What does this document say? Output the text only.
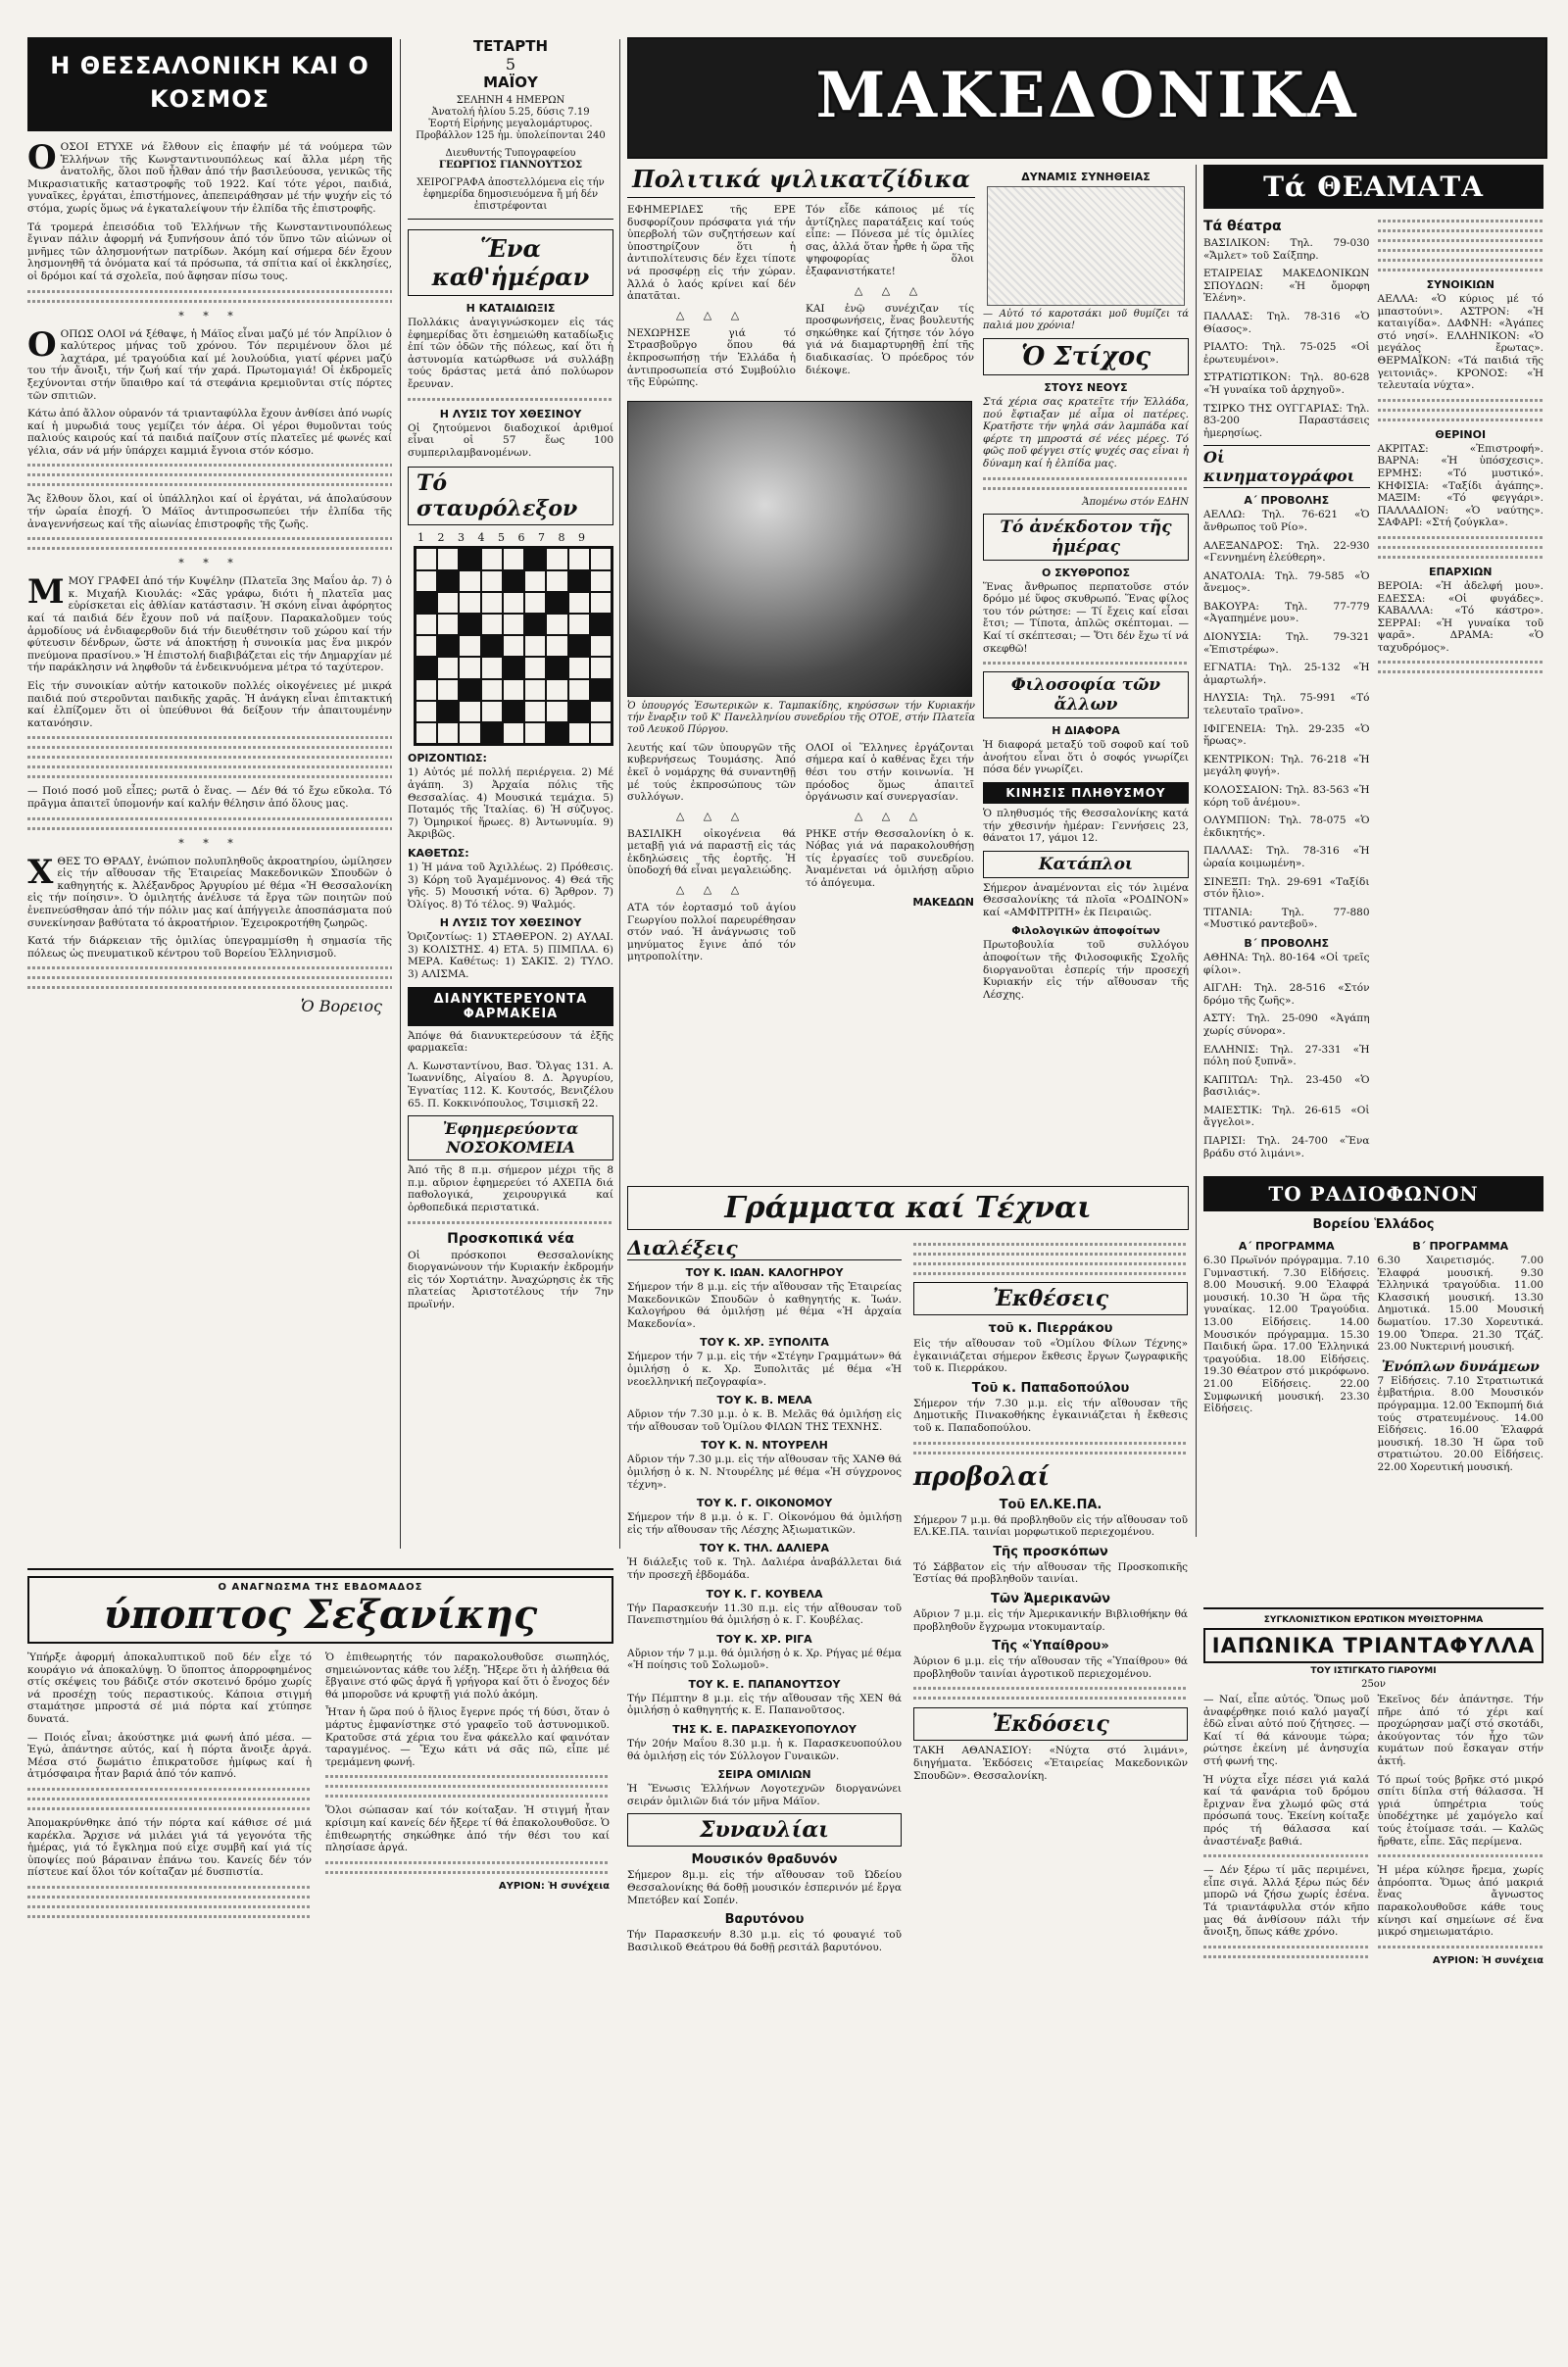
Η ΘΕΣΣΑΛΟΝΙΚΗ ΚΑΙ Ο ΚΟΣΜΟΣ

OΟΣΟΙ ΕΤΥΧΕ νά ἔλθουν εἰς ἐπαφήν μέ τά νούμερα τῶν Ἑλλήνων τῆς Κωνσταντινουπόλεως καί ἄλλα μέρη τῆς ἀνατολῆς, ὅλοι ποῦ ἦλθαν ἀπό τήν βασιλεύουσα, γενικῶς τῆς Μικρασιατικῆς καταστροφῆς τοῦ 1922. Καί τότε γέροι, παιδιά, γυναῖκες, ἐργάται, ἐπιστήμονες, ἀπεπειράθησαν μέ τήν ψυχήν εἰς τό στόμα, χωρίς ὅμως νά ἐγκαταλείψουν τήν ἐλπίδα τῆς ἐπιστροφῆς.

Τά τρομερά ἐπεισόδια τοῦ Ἑλλήνων τῆς Κωνσταντινουπόλεως ἔγιναν πάλιν ἀφορμή νά ξυπνήσουν ἀπό τόν ὕπνο τῶν αἰώνων οἱ μνῆμες τῶν ἀλησμονήτων πατρίδων. Ἀκόμη καί σήμερα δέν ἔχουν λησμονηθῆ τά ὀνόματα καί τά πρόσωπα, τά σπίτια καί οἱ ἐκκλησίες, οἱ δρόμοι καί τά σχολεῖα, πού ἄφησαν πίσω τους.

* * *

OΟΠΩΣ ΟΛΟΙ νά ξέθαψε, ἡ Μάϊος εἶναι μαζύ μέ τόν Ἀπρίλιον ὁ καλύτερος μήνας τοῦ χρόνου. Τόν περιμένουν ὅλοι μέ λαχτάρα, μέ τραγούδια καί μέ λουλούδια, γιατί φέρνει μαζύ του τήν ἄνοιξι, τήν ζωή καί τήν χαρά. Πρωτομαγιά! Οἱ ἐκδρομεῖς ξεχύνονται στήν ὕπαιθρο καί τά στεφάνια κρεμιοῦνται στίς πόρτες τῶν σπιτιῶν.

Κάτω ἀπό ἄλλον οὐρανόν τά τριανταφύλλα ἔχουν ἀνθίσει ἀπό νωρίς καί ἡ μυρωδιά τους γεμίζει τόν ἀέρα. Οἱ γέροι θυμοῦνται τούς παλιούς καιρούς καί τά παιδιά παίζουν στίς πλατεῖες μέ φωνές καί γέλια, σάν νά μήν ὑπάρχει καμμιά ἔγνοια στόν κόσμο.

Ἄς ἔλθουν ὅλοι, καί οἱ ὑπάλληλοι καί οἱ ἐργάται, νά ἀπολαύσουν τήν ὡραία ἐποχή. Ὁ Μάϊος ἀντιπροσωπεύει τήν ἐλπίδα τῆς ἀναγεννήσεως καί τῆς αἰωνίας ἐπιστροφῆς τῆς ζωῆς.

* * *

MΜΟΥ ΓΡΑΦΕΙ ἀπό τήν Κυψέλην (Πλατεῖα 3ης Μαΐου ἀρ. 7) ὁ κ. Μιχαήλ Κιουλάς: «Σᾶς γράφω, διότι ἡ πλατεῖα μας εὑρίσκεται εἰς ἀθλίαν κατάστασιν. Ἡ σκόνη εἶναι ἀφόρητος καί τά παιδιά δέν ἔχουν ποῦ νά παίξουν. Παρακαλοῦμεν τούς ἁρμοδίους νά ἐνδιαφερθοῦν διά τήν διευθέτησιν τοῦ χώρου καί τήν φύτευσιν δένδρων, ὥστε νά ἀποκτήσῃ ἡ συνοικία μας ἕνα μικρόν πνεύμονα πρασίνου.» Ἡ ἐπιστολή διαβιβάζεται εἰς τήν Δημαρχίαν μέ τήν παράκλησιν νά ληφθοῦν τά ἐνδεικνυόμενα μέτρα τό ταχύτερον.

Εἰς τήν συνοικίαν αὐτήν κατοικοῦν πολλές οἰκογένειες μέ μικρά παιδιά πού στεροῦνται παιδικῆς χαρᾶς. Ἡ ἀνάγκη εἶναι ἐπιτακτική καί ἐλπίζομεν ὅτι οἱ ὑπεύθυνοι θά δείξουν τήν ἀπαιτουμένην κατανόησιν.

— Ποιό ποσό μοῦ εἶπες; ρωτᾶ ὁ ἕνας. — Δέν θά τό ἔχω εὔκολα. Τό πρᾶγμα ἀπαιτεῖ ὑπομονήν καί καλήν θέλησιν ἀπό ὅλους μας.

* * *

XΘΕΣ ΤΟ ΘΡΑΔΥ, ἐνώπιον πολυπληθοῦς ἀκροατηρίου, ὡμίλησεν εἰς τήν αἴθουσαν τῆς Ἑταιρείας Μακεδονικῶν Σπουδῶν ὁ καθηγητής κ. Ἀλέξανδρος Ἀργυρίου μέ θέμα «Ἡ Θεσσαλονίκη εἰς τήν ποίησιν». Ὁ ὁμιλητής ἀνέλυσε τά ἔργα τῶν ποιητῶν πού ἐνεπνεύσθησαν ἀπό τήν πόλιν μας καί ἀπήγγειλε ἀποσπάσματα πού συνεκίνησαν βαθύτατα τό ἀκροατήριον. Ἐχειροκροτήθη ζωηρῶς.

Κατά τήν διάρκειαν τῆς ὁμιλίας ὑπεγραμμίσθη ἡ σημασία τῆς πόλεως ὡς πνευματικοῦ κέντρου τοῦ Βορείου Ἑλληνισμοῦ.

Ὁ Βορειος
ΤΕΤΑΡΤΗ
5
ΜΑΪΟΥ
ΣΕΛΗΝΗ 4 ΗΜΕΡΩΝ
Ἀνατολή ἡλίου 5.25, δύσις 7.19
Ἑορτή Εἰρήνης μεγαλομάρτυρος. Προβάλλον 125 ἡμ. ὑπολείπονται 240
Διευθυντής Τυπογραφείου
ΓΕΩΡΓΙΟΣ ΓΙΑΝΝΟΥΤΣΟΣ
ΧΕΙΡΟΓΡΑΦΑ ἀποστελλόμενα εἰς τήν ἐφημερίδα δημοσιευόμενα ἤ μή δέν ἐπιστρέφονται
Ἕνα καθ'ἡμέραν
Η ΚΑΤΑΙΔΙΩΞΙΣ

Πολλάκις ἀναγιγνώσκομεν εἰς τάς ἐφημερίδας ὅτι ἐσημειώθη καταδίωξις ἐπί τῶν ὁδῶν τῆς πόλεως, καί ὅτι ἡ ἀστυνομία κατώρθωσε νά συλλάβῃ τούς δράστας μετά ἀπό πολύωρον ἔρευναν.

Η ΛΥΣΙΣ ΤΟΥ ΧΘΕΣΙΝΟΥ

Οἱ ζητούμενοι διαδοχικοί ἀριθμοί εἶναι οἱ 57 ἕως 100 συμπεριλαμβανομένων.

Τό σταυρόλεξον
1 2 3 4 5 6 7 8 9
ΟΡΙΖΟΝΤΙΩΣ:

1) Αὐτός μέ πολλή περιέργεια. 2) Μέ ἀγάπη. 3) Ἀρχαία πόλις τῆς Θεσσαλίας. 4) Μουσικά τεμάχια. 5) Ποταμός τῆς Ἰταλίας. 6) Ἡ σύζυγος. 7) Ὁμηρικοί ἥρωες. 8) Ἀντωνυμία. 9) Ἀκριβῶς.

ΚΑΘΕΤΩΣ:

1) Ἡ μάνα τοῦ Ἀχιλλέως. 2) Πρόθεσις. 3) Κόρη τοῦ Ἀγαμέμνονος. 4) Θεά τῆς γῆς. 5) Μουσική νότα. 6) Ἄρθρον. 7) Ὀλίγος. 8) Τό τέλος. 9) Ψαλμός.

Η ΛΥΣΙΣ ΤΟΥ ΧΘΕΣΙΝΟΥ

Ὁριζοντίως: 1) ΣΤΑΘΕΡΟΝ. 2) ΑΥΛΑΙ. 3) ΚΟΛΙΣΤΗΣ. 4) ΕΤΑ. 5) ΠΙΜΠΛΑ. 6) ΜΕΡΑ. Καθέτως: 1) ΣΑΚΙΣ. 2) ΤΥΛΟ. 3) ΑΛΙΣΜΑ.

ΔΙΑΝΥΚΤΕΡΕΥΟΝΤΑ ΦΑΡΜΑΚΕΙΑ

Ἀπόψε θά διανυκτερεύσουν τά ἑξῆς φαρμακεῖα:

Λ. Κωνσταντίνου, Βασ. Ὄλγας 131. Α. Ἰωαννίδης, Αἰγαίου 8. Δ. Ἀργυρίου, Ἐγνατίας 112. Κ. Κουτσός, Βενιζέλου 65. Π. Κοκκινόπουλος, Τσιμισκῆ 22.

Ἐφημερεύοντα ΝΟΣΟΚΟΜΕΙΑ

Ἀπό τῆς 8 π.μ. σήμερον μέχρι τῆς 8 π.μ. αὔριον ἐφημερεύει τό ΑΧΕΠΑ διά παθολογικά, χειρουργικά καί ὀρθοπεδικά περιστατικά.

Προσκοπικά νέα

Οἱ πρόσκοποι Θεσσαλονίκης διοργανώνουν τήν Κυριακήν ἐκδρομήν εἰς τόν Χορτιάτην. Ἀναχώρησις ἐκ τῆς πλατείας Ἀριστοτέλους τήν 7ην πρωϊνήν.

ΜΑΚΕΔΟΝΙΚΑ
Πολιτικά ψιλικατζίδικα

ΕΦΗΜΕΡΙΔΕΣ τῆς ΕΡΕ δυσφορίζουν πρόσφατα γιά τήν ὑπερβολή τῶν συζητήσεων καί ὑποστηρίζουν ὅτι ἡ ἀντιπολίτευσις δέν ἔχει τίποτε νά προσφέρῃ εἰς τήν χώραν. Ἀλλά ὁ λαός κρίνει καί δέν ἀπατᾶται.

△ △ △

ΝΕΧΩΡΗΣΕ γιά τό Στρασβοῦργο ὅπου θά ἐκπροσωπήσῃ τήν Ἑλλάδα ἡ ἀντιπροσωπεία στό Συμβούλιο τῆς Εὐρώπης.

Τόν εἶδε κάποιος μέ τίς ἀντίζηλες παρατάξεις καί τούς εἶπε: — Πόνεσα μέ τίς ὁμιλίες σας, ἀλλά ὅταν ἦρθε ἡ ὥρα τῆς ψηφοφορίας ὅλοι ἐξαφανιστήκατε!

△ △ △

ΚΑΙ ἐνῷ συνέχιζαν τίς προσφωνήσεις, ἕνας βουλευτής σηκώθηκε καί ζήτησε τόν λόγο γιά νά διαμαρτυρηθῇ ἐπί τῆς διαδικασίας. Ὁ πρόεδρος τόν διέκοψε.

Ὁ ὑπουργός Ἐσωτερικῶν κ. Ταμπακίδης, κηρύσσων τήν Κυριακήν τήν ἔναρξιν τοῦ Κ' Πανελληνίου συνεδρίου τῆς ΟΤΟΕ, στήν Πλατεῖα τοῦ Λευκοῦ Πύργου.

λευτής καί τῶν ὑπουργῶν τῆς κυβερνήσεως Τουμάσης. Ἀπό ἐκεῖ ὁ νομάρχης θά συναντηθῇ μέ τούς ἐκπροσώπους τῶν συλλόγων.

△ △ △

ΒΑΣΙΛΙΚΗ οἰκογένεια θά μεταβῇ γιά νά παραστῇ εἰς τάς ἐκδηλώσεις τῆς ἑορτῆς. Ἡ ὑποδοχή θά εἶναι μεγαλειώδης.

△ △ △

ΑΤΑ τόν ἑορτασμό τοῦ ἁγίου Γεωργίου πολλοί παρευρέθησαν στόν ναό. Ἡ ἀνάγνωσις τοῦ μηνύματος ἔγινε ἀπό τόν μητροπολίτην.

ΟΛΟΙ οἱ Ἕλληνες ἐργάζονται σήμερα καί ὁ καθένας ἔχει τήν θέσι του στήν κοινωνία. Ἡ πρόοδος ὅμως ἀπαιτεῖ ὀργάνωσιν καί συνεργασίαν.

△ △ △

ΡΗΚΕ στήν Θεσσαλονίκη ὁ κ. Νόβας γιά νά παρακολουθήσῃ τίς ἐργασίες τοῦ συνεδρίου. Ἀναμένεται νά ὁμιλήσῃ αὔριο τό ἀπόγευμα.

ΜΑΚΕΔΩΝ
ΔΥΝΑΜΙΣ ΣΥΝΗΘΕΙΑΣ

— Αὐτό τό καροτσάκι μοῦ θυμίζει τά παλιά μου χρόνια!

Ὁ Στίχος
ΣΤΟΥΣ ΝΕΟΥΣ

Στά χέρια σας κρατεῖτε τήν Ἑλλάδα, πού ἔφτιαξαν μέ αἷμα οἱ πατέρες. Κρατῆστε τήν ψηλά σάν λαμπάδα καί φέρτε τη μπροστά σέ νέες μέρες. Τό φῶς ποῦ φέγγει στίς ψυχές σας εἶναι ἡ δύναμη καί ἡ ἐλπίδα μας.

Ἀπομένω στόν ΕΔΗΝ
Τό ἀνέκδοτον τῆς ἡμέρας
Ο ΣΚΥΘΡΟΠΟΣ

Ἕνας ἄνθρωπος περπατοῦσε στόν δρόμο μέ ὕφος σκυθρωπό. Ἕνας φίλος του τόν ρώτησε: — Τί ἔχεις καί εἶσαι ἔτσι; — Τίποτα, ἀπλῶς σκέπτομαι. — Καί τί σκέπτεσαι; — Ὅτι δέν ἔχω τί νά σκεφθῶ!

Φιλοσοφία τῶν ἄλλων
Η ΔΙΑΦΟΡΑ

Ἡ διαφορά μεταξύ τοῦ σοφοῦ καί τοῦ ἀνοήτου εἶναι ὅτι ὁ σοφός γνωρίζει πόσα δέν γνωρίζει.

ΚΙΝΗΣΙΣ ΠΛΗΘΥΣΜΟΥ

Ὁ πληθυσμός τῆς Θεσσαλονίκης κατά τήν χθεσινήν ἡμέραν: Γεννήσεις 23, θάνατοι 17, γάμοι 12.

Κατάπλοι

Σήμερον ἀναμένονται εἰς τόν λιμένα Θεσσαλονίκης τά πλοῖα «ΡΟΔΙΝΟΝ» καί «ΑΜΦΙΤΡΙΤΗ» ἐκ Πειραιῶς.

Φιλολογικῶν ἀποφοίτων

Πρωτοβουλία τοῦ συλλόγου ἀποφοίτων τῆς Φιλοσοφικῆς Σχολῆς διοργανοῦται ἑσπερίς τήν προσεχή Κυριακήν εἰς τήν αἴθουσαν τῆς Λέσχης.

Τά ΘΕΑΜΑΤΑ
Τά θέατρα

ΒΑΣΙΛΙΚΟΝ: Τηλ. 79-030 «Ἄμλετ» τοῦ Σαίξπηρ.

ΕΤΑΙΡΕΙΑΣ ΜΑΚΕΔΟΝΙΚΩΝ ΣΠΟΥΔΩΝ: «Ἡ ὄμορφη Ἑλένη».

ΠΑΛΛΑΣ: Τηλ. 78-316 «Ὁ Θίασος».

ΡΙΑΛΤΟ: Τηλ. 75-025 «Οἱ ἐρωτευμένοι».

ΣΤΡΑΤΙΩΤΙΚΟΝ: Τηλ. 80-628 «Ἡ γυναίκα τοῦ ἀρχηγοῦ».

ΤΣΙΡΚΟ ΤΗΣ ΟΥΓΓΑΡΙΑΣ: Τηλ. 83-200 Παραστάσεις ἡμερησίως.

Οἱ κινηματογράφοι
Α΄ ΠΡΟΒΟΛΗΣ

ΑΕΛΛΩ: Τηλ. 76-621 «Ὁ ἄνθρωπος τοῦ Ρίο».

ΑΛΕΞΑΝΔΡΟΣ: Τηλ. 22-930 «Γεννημένη ἐλεύθερη».

ΑΝΑΤΟΛΙΑ: Τηλ. 79-585 «Ὁ ἄνεμος».

ΒΑΚΟΥΡΑ: Τηλ. 77-779 «Ἀγαπημένε μου».

ΔΙΟΝΥΣΙΑ: Τηλ. 79-321 «Ἐπιστρέφω».

ΕΓΝΑΤΙΑ: Τηλ. 25-132 «Ἡ ἁμαρτωλή».

ΗΛΥΣΙΑ: Τηλ. 75-991 «Τό τελευταῖο τραῖνο».

ΙΦΙΓΕΝΕΙΑ: Τηλ. 29-235 «Ὁ ἥρωας».

ΚΕΝΤΡΙΚΟΝ: Τηλ. 76-218 «Ἡ μεγάλη φυγή».

ΚΟΛΟΣΣΑΙΟΝ: Τηλ. 83-563 «Ἡ κόρη τοῦ ἀνέμου».

ΟΛΥΜΠΙΟΝ: Τηλ. 78-075 «Ὁ ἐκδικητής».

ΠΑΛΛΑΣ: Τηλ. 78-316 «Ἡ ὡραία κοιμωμένη».

ΣΙΝΕΞΠ: Τηλ. 29-691 «Ταξίδι στόν ἥλιο».

ΤΙΤΑΝΙΑ: Τηλ. 77-880 «Μυστικό ραντεβοῦ».

Β΄ ΠΡΟΒΟΛΗΣ

ΑΘΗΝΑ: Τηλ. 80-164 «Οἱ τρεῖς φίλοι».

ΑΙΓΛΗ: Τηλ. 28-516 «Στόν δρόμο τῆς ζωῆς».

ΑΣΤΥ: Τηλ. 25-090 «Ἀγάπη χωρίς σύνορα».

ΕΛΛΗΝΙΣ: Τηλ. 27-331 «Ἡ πόλη πού ξυπνᾶ».

ΚΑΠΙΤΩΛ: Τηλ. 23-450 «Ὁ βασιλιάς».

ΜΑΙΕΣΤΙΚ: Τηλ. 26-615 «Οἱ ἄγγελοι».

ΠΑΡΙΣΙ: Τηλ. 24-700 «Ἕνα βράδυ στό λιμάνι».

ΣΥΝΟΙΚΙΩΝ

ΑΕΛΛΑ: «Ὁ κύριος μέ τό μπαστούνι». ΑΣΤΡΟΝ: «Ἡ καταιγίδα». ΔΑΦΝΗ: «Ἀγάπες στό νησί». ΕΛΛΗΝΙΚΟΝ: «Ὁ μεγάλος ἔρωτας». ΘΕΡΜΑΪΚΟΝ: «Τά παιδιά τῆς γειτονιᾶς». ΚΡΟΝΟΣ: «Ἡ τελευταία νύχτα».

ΘΕΡΙΝΟΙ

ΑΚΡΙΤΑΣ: «Ἐπιστροφή». ΒΑΡΝΑ: «Ἡ ὑπόσχεσις». ΕΡΜΗΣ: «Τό μυστικό». ΚΗΦΙΣΙΑ: «Ταξίδι ἀγάπης». ΜΑΞΙΜ: «Τό φεγγάρι». ΠΑΛΛΑΔΙΟΝ: «Ὁ ναύτης». ΣΑΦΑΡΙ: «Στή ζούγκλα».

ΕΠΑΡΧΙΩΝ

ΒΕΡΟΙΑ: «Ἡ ἀδελφή μου». ΕΔΕΣΣΑ: «Οἱ φυγάδες». ΚΑΒΑΛΛΑ: «Τό κάστρο». ΣΕΡΡΑΙ: «Ἡ γυναίκα τοῦ ψαρᾶ». ΔΡΑΜΑ: «Ὁ ταχυδρόμος».

ΤΟ ΡΑΔΙΟΦΩΝΟΝ
Βορείου Ἑλλάδος
Α΄ ΠΡΟΓΡΑΜΜΑ

6.30 Πρωϊνόν πρόγραμμα. 7.10 Γυμναστική. 7.30 Εἰδήσεις. 8.00 Μουσική. 9.00 Ἐλαφρά μουσική. 10.30 Ἡ ὥρα τῆς γυναίκας. 12.00 Τραγούδια. 13.00 Εἰδήσεις. 14.00 Μουσικόν πρόγραμμα. 15.30 Παιδική ὥρα. 17.00 Ἑλληνικά τραγούδια. 18.00 Εἰδήσεις. 19.30 Θέατρον στό μικρόφωνο. 21.00 Εἰδήσεις. 22.00 Συμφωνική μουσική. 23.30 Εἰδήσεις.

Β΄ ΠΡΟΓΡΑΜΜΑ

6.30 Χαιρετισμός. 7.00 Ἐλαφρά μουσική. 9.30 Ἑλληνικά τραγούδια. 11.00 Κλασσική μουσική. 13.30 Δημοτικά. 15.00 Μουσική δωματίου. 17.30 Χορευτικά. 19.00 Ὄπερα. 21.30 Τζάζ. 23.00 Νυκτερινή μουσική.

Ἐνόπλων δυνάμεων

7 Εἰδήσεις. 7.10 Στρατιωτικά ἐμβατήρια. 8.00 Μουσικόν πρόγραμμα. 12.00 Ἐκπομπή διά τούς στρατευμένους. 14.00 Εἰδήσεις. 16.00 Ἐλαφρά μουσική. 18.30 Ἡ ὥρα τοῦ στρατιώτου. 20.00 Εἰδήσεις. 22.00 Χορευτική μουσική.

Γράμματα καί Τέχναι
Διαλέξεις
ΤΟΥ Κ. ΙΩΑΝ. ΚΑΛΟΓΗΡΟΥ

Σήμερον τήν 8 μ.μ. εἰς τήν αἴθουσαν τῆς Ἑταιρείας Μακεδονικῶν Σπουδῶν ὁ καθηγητής κ. Ἰωάν. Καλογήρου θά ὁμιλήσῃ μέ θέμα «Ἡ ἀρχαία Μακεδονία».

ΤΟΥ Κ. ΧΡ. ΞΥΠΟΛΙΤΑ

Σήμερον τήν 7 μ.μ. εἰς τήν «Στέγην Γραμμάτων» θά ὁμιλήσῃ ὁ κ. Χρ. Ξυπολιτᾶς μέ θέμα «Ἡ νεοελληνική πεζογραφία».

ΤΟΥ Κ. Β. ΜΕΛΑ

Αὔριον τήν 7.30 μ.μ. ὁ κ. Β. Μελᾶς θά ὁμιλήσῃ εἰς τήν αἴθουσαν τοῦ Ὁμίλου ΦΙΛΩΝ ΤΗΣ ΤΕΧΝΗΣ.

ΤΟΥ Κ. Ν. ΝΤΟΥΡΕΛΗ

Αὔριον τήν 7.30 μ.μ. εἰς τήν αἴθουσαν τῆς ΧΑΝΘ θά ὁμιλήσῃ ὁ κ. Ν. Ντουρέλης μέ θέμα «Ἡ σύγχρονος τέχνη».

ΤΟΥ Κ. Γ. ΟΙΚΟΝΟΜΟΥ

Σήμερον τήν 8 μ.μ. ὁ κ. Γ. Οἰκονόμου θά ὁμιλήσῃ εἰς τήν αἴθουσαν τῆς Λέσχης Ἀξιωματικῶν.

ΤΟΥ Κ. ΤΗΛ. ΔΑΛΙΕΡΑ

Ἡ διάλεξις τοῦ κ. Τηλ. Δαλιέρα ἀναβάλλεται διά τήν προσεχῆ ἑβδομάδα.

ΤΟΥ Κ. Γ. ΚΟΥΒΕΛΑ

Τήν Παρασκευήν 11.30 π.μ. εἰς τήν αἴθουσαν τοῦ Πανεπιστημίου θά ὁμιλήσῃ ὁ κ. Γ. Κουβέλας.

ΤΟΥ Κ. ΧΡ. ΡΙΓΑ

Αὔριον τήν 7 μ.μ. θά ὁμιλήσῃ ὁ κ. Χρ. Ρήγας μέ θέμα «Ἡ ποίησις τοῦ Σολωμοῦ».

ΤΟΥ Κ. Ε. ΠΑΠΑΝΟΥΤΣΟΥ

Τήν Πέμπτην 8 μ.μ. εἰς τήν αἴθουσαν τῆς ΧΕΝ θά ὁμιλήσῃ ὁ καθηγητής κ. Ε. Παπανοῦτσος.

ΤΗΣ Κ. Ε. ΠΑΡΑΣΚΕΥΟΠΟΥΛΟΥ

Τήν 20ήν Μαΐου 8.30 μ.μ. ἡ κ. Παρασκευοπούλου θά ὁμιλήσῃ εἰς τόν Σύλλογον Γυναικῶν.

ΣΕΙΡΑ ΟΜΙΛΙΩΝ

Ἡ Ἕνωσις Ἑλλήνων Λογοτεχνῶν διοργανώνει σειράν ὁμιλιῶν διά τόν μῆνα Μάϊον.

Συναυλίαι
Μουσικόν θραδυνόν

Σήμερον 8μ.μ. εἰς τήν αἴθουσαν τοῦ Ὠδείου Θεσσαλονίκης θά δοθῇ μουσικόν ἑσπερινόν μέ ἔργα Μπετόβεν καί Σοπέν.

Βαρυτόνου

Τήν Παρασκευήν 8.30 μ.μ. εἰς τό φουαγιέ τοῦ Βασιλικοῦ Θεάτρου θά δοθῇ ρεσιτάλ βαρυτόνου.

Ἐκθέσεις
τοῦ κ. Πιερράκου

Εἰς τήν αἴθουσαν τοῦ «Ὁμίλου Φίλων Τέχνης» ἐγκαινιάζεται σήμερον ἔκθεσις ἔργων ζωγραφικῆς τοῦ κ. Πιερράκου.

Τοῦ κ. Παπαδοπούλου

Σήμερον τήν 7.30 μ.μ. εἰς τήν αἴθουσαν τῆς Δημοτικῆς Πινακοθήκης ἐγκαινιάζεται ἡ ἔκθεσις τοῦ κ. Παπαδοπούλου.

προβολαί
Τοῦ ΕΛ.ΚΕ.ΠΑ.

Σήμερον 7 μ.μ. θά προβληθοῦν εἰς τήν αἴθουσαν τοῦ ΕΛ.ΚΕ.ΠΑ. ταινίαι μορφωτικοῦ περιεχομένου.

Τῆς προσκόπων

Τό Σάββατον εἰς τήν αἴθουσαν τῆς Προσκοπικῆς Ἑστίας θά προβληθοῦν ταινίαι.

Τῶν Ἀμερικανῶν

Αὔριον 7 μ.μ. εἰς τήν Ἀμερικανικήν Βιβλιοθήκην θά προβληθοῦν ἔγχρωμα ντοκυμανταίρ.

Τῆς «Ὑπαίθρου»

Ἀύριον 6 μ.μ. εἰς τήν αἴθουσαν τῆς «Ὑπαίθρου» θά προβληθοῦν ταινίαι ἀγροτικοῦ περιεχομένου.

Ἐκδόσεις

ΤΑΚΗ ΑΘΑΝΑΣΙΟΥ: «Νύχτα στό λιμάνι», διηγήματα. Ἐκδόσεις «Ἑταιρείας Μακεδονικῶν Σπουδῶν». Θεσσαλονίκη.

Ο ΑΝΑΓΝΩΣΜΑ ΤΗΣ ΕΒΔΟΜΑΔΟΣ
ύποπτος Σεξανίκης

Ὑπήρξε ἀφορμή ἀποκαλυπτικοῦ ποῦ δέν εἶχε τό κουράγιο νά ἀποκαλύψῃ. Ὁ ὕποπτος ἀπορροφημένος στίς σκέψεις του βάδιζε στόν σκοτεινό δρόμο χωρίς νά προσέχῃ τούς περαστικούς. Κάποια στιγμή σταμάτησε μπροστά σέ μιά πόρτα καί χτύπησε δυνατά.

— Ποιός εἶναι; ἀκούστηκε μιά φωνή ἀπό μέσα. — Ἐγώ, ἀπάντησε αὐτός, καί ἡ πόρτα ἄνοιξε ἀργά. Μέσα στό δωμάτιο ἐπικρατοῦσε ἡμίφως καί ἡ ἀτμόσφαιρα ἦταν βαριά ἀπό τόν καπνό.

Ἀπομακρύνθηκε ἀπό τήν πόρτα καί κάθισε σέ μιά καρέκλα. Ἄρχισε νά μιλάει γιά τά γεγονότα τῆς ἡμέρας, γιά τό ἔγκλημα πού εἶχε συμβῆ καί γιά τίς ὑποψίες πού βάραιναν ἐπάνω του. Κανείς δέν τόν πίστευε καί ὅλοι τόν κοίταζαν μέ δυσπιστία.

Ὁ ἐπιθεωρητής τόν παρακολουθοῦσε σιωπηλός, σημειώνοντας κάθε του λέξη. Ἤξερε ὅτι ἡ ἀλήθεια θά ἔβγαινε στό φῶς ἀργά ἤ γρήγορα καί ὅτι ὁ ἔνοχος δέν θά μποροῦσε νά κρυφτῇ γιά πολύ ἀκόμη.

Ἦταν ἡ ὥρα πού ὁ ἥλιος ἔγερνε πρός τή δύσι, ὅταν ὁ μάρτυς ἐμφανίστηκε στό γραφεῖο τοῦ ἀστυνομικοῦ. Κρατοῦσε στά χέρια του ἕνα φάκελλο καί φαινόταν ταραγμένος. — Ἔχω κάτι νά σᾶς πῶ, εἶπε μέ τρεμάμενη φωνή.

Ὅλοι σώπασαν καί τόν κοίταξαν. Ἡ στιγμή ἦταν κρίσιμη καί κανείς δέν ἤξερε τί θά ἐπακολουθοῦσε. Ὁ ἐπιθεωρητής σηκώθηκε ἀπό τήν θέσι του καί πλησίασε ἀργά.

ΑΥΡΙΟΝ: Ἡ συνέχεια
ΣΥΓΚΛΟΝΙΣΤΙΚΟΝ ΕΡΩΤΙΚΟΝ ΜΥΘΙΣΤΟΡΗΜΑ
ΙΑΠΩΝΙΚΑ ΤΡΙΑΝΤΑΦΥΛΛΑ
ΤΟΥ ΙΣΤΙΓΚΑΤΟ ΓΙΑΡΟΥΜΙ
25ον

— Ναί, εἶπε αὐτός. Ὅπως μοῦ ἀναφέρθηκε ποιό καλό μαγαζί ἐδῶ εἶναι αὐτό πού ζήτησες. — Καί τί θά κάνουμε τώρα; ρώτησε ἐκείνη μέ ἀνησυχία στή φωνή της.

Ἡ νύχτα εἶχε πέσει γιά καλά καί τά φανάρια τοῦ δρόμου ἔριχναν ἕνα χλωμό φῶς στά πρόσωπά τους. Ἐκείνη κοίταξε πρός τή θάλασσα καί ἀναστέναξε βαθιά.

— Δέν ξέρω τί μᾶς περιμένει, εἶπε σιγά. Ἀλλά ξέρω πώς δέν μπορῶ νά ζήσω χωρίς ἐσένα. Τά τριαντάφυλλα στόν κῆπο μας θά ἀνθίσουν πάλι τήν ἄνοιξη, ὅπως κάθε χρόνο.

Ἐκεῖνος δέν ἀπάντησε. Τήν πῆρε ἀπό τό χέρι καί προχώρησαν μαζί στό σκοτάδι, ἀκούγοντας τόν ἦχο τῶν κυμάτων πού ἔσκαγαν στήν ἀκτή.

Τό πρωί τούς βρῆκε στό μικρό σπίτι δίπλα στή θάλασσα. Ἡ γριά ὑπηρέτρια τούς ὑποδέχτηκε μέ χαμόγελο καί τούς ἑτοίμασε τσάι. — Καλῶς ἤρθατε, εἶπε. Σᾶς περίμενα.

Ἡ μέρα κύλησε ἤρεμα, χωρίς ἀπρόοπτα. Ὅμως ἀπό μακριά ἕνας ἄγνωστος παρακολουθοῦσε κάθε τους κίνησι καί σημείωνε σέ ἕνα μικρό σημειωματάριο.

ΑΥΡΙΟΝ: Ἡ συνέχεια
